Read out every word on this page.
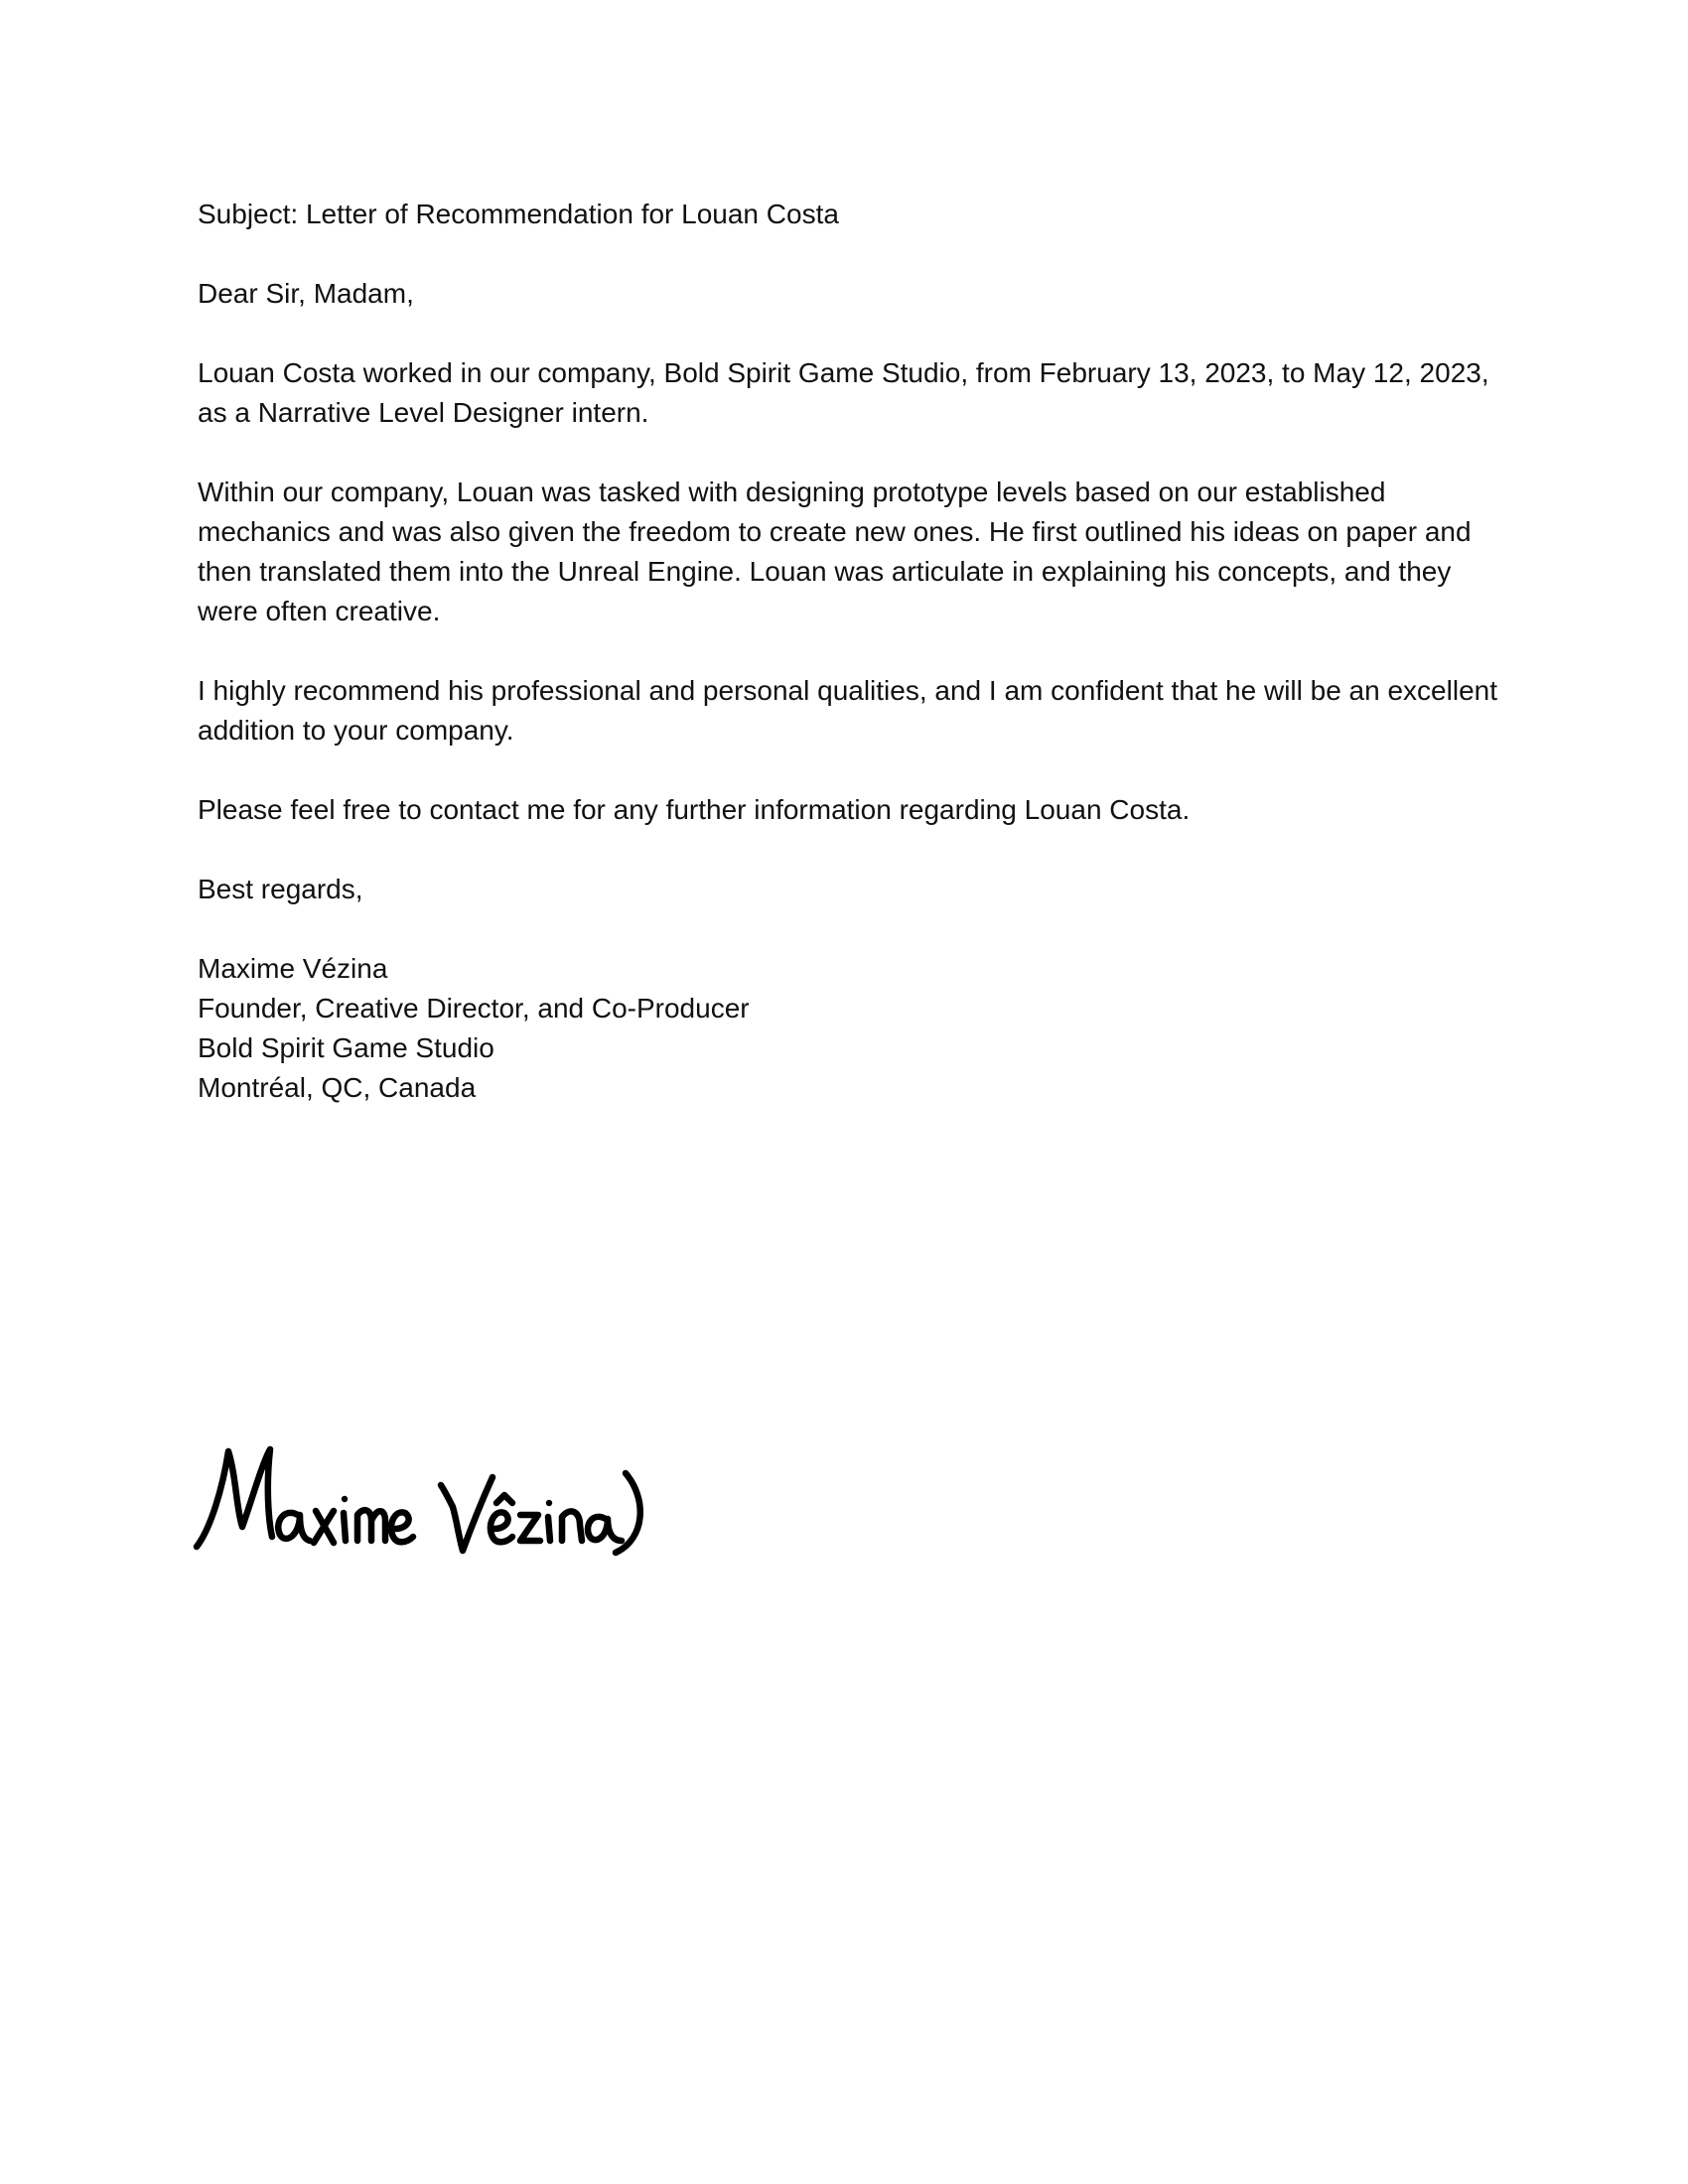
Subject: Letter of Recommendation for Louan Costa

Dear Sir, Madam,

Louan Costa worked in our company, Bold Spirit Game Studio, from February 13, 2023, to May 12, 2023, as a Narrative Level Designer intern.

Within our company, Louan was tasked with designing prototype levels based on our established mechanics and was also given the freedom to create new ones. He first outlined his ideas on paper and then translated them into the Unreal Engine. Louan was articulate in explaining his concepts, and they were often creative.

I highly recommend his professional and personal qualities, and I am confident that he will be an excellent addition to your company.

Please feel free to contact me for any further information regarding Louan Costa.

Best regards,

Maxime Vézina

Founder, Creative Director, and Co-Producer

Bold Spirit Game Studio

Montréal, QC, Canada
